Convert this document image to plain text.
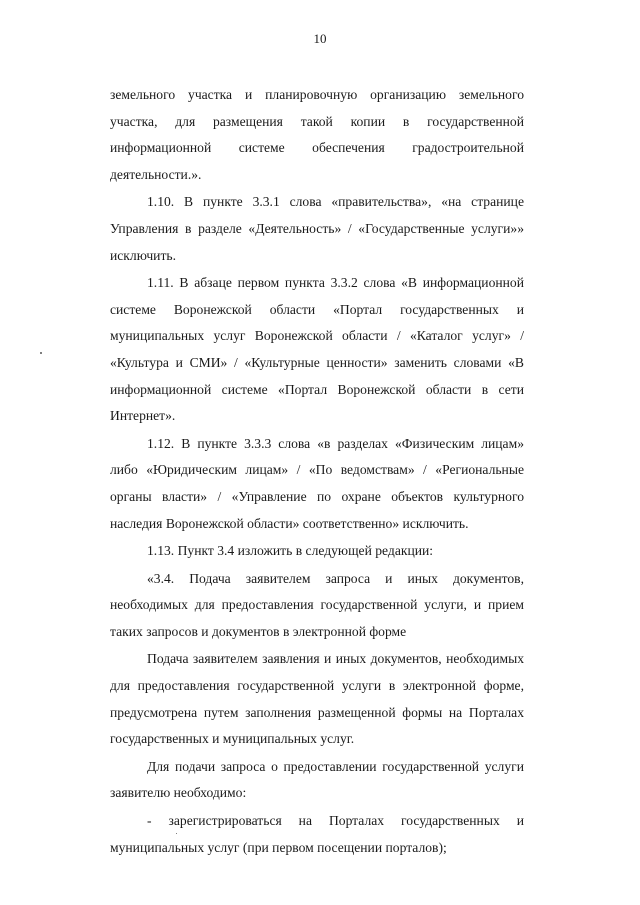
10

земельного участка и планировочную организацию земельного участка, для размещения такой копии в государственной информационной системе обеспечения градостроительной деятельности.».

1.10. В пункте 3.3.1 слова «правительства», «на странице Управления в разделе «Деятельность» / «Государственные услуги»» исключить.

1.11. В абзаце первом пункта 3.3.2 слова «В информационной системе Воронежской области «Портал государственных и муниципальных услуг Воронежской области / «Каталог услуг» / «Культура и СМИ» / «Культурные ценности» заменить словами «В информационной системе «Портал Воронежской области в сети Интернет».

1.12. В пункте 3.3.3 слова «в разделах «Физическим лицам» либо «Юридическим лицам» / «По ведомствам» / «Региональные органы власти» / «Управление по охране объектов культурного наследия Воронежской области» соответственно» исключить.

1.13. Пункт 3.4 изложить в следующей редакции:

«3.4. Подача заявителем запроса и иных документов, необходимых для предоставления государственной услуги, и прием таких запросов и документов в электронной форме

Подача заявителем заявления и иных документов, необходимых для предоставления государственной услуги в электронной форме, предусмотрена путем заполнения размещенной формы на Порталах государственных и муниципальных услуг.

Для подачи запроса о предоставлении государственной услуги заявителю необходимо:

- зарегистрироваться на Порталах государственных и муниципальных услуг (при первом посещении порталов);
